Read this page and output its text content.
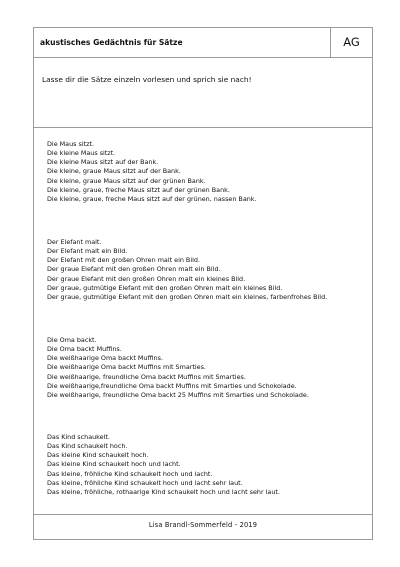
akustisches Gedächtnis für Sätze	AG
Lasse dir die Sätze einzeln vorlesen und sprich sie nach!
Die Maus sitzt.
Die kleine Maus sitzt.
Die kleine Maus sitzt auf der Bank.
Die kleine, graue Maus sitzt auf der Bank.
Die kleine, graue Maus sitzt auf der grünen Bank.
Die kleine, graue, freche Maus sitzt auf der grünen Bank.
Die kleine, graue, freche Maus sitzt auf der grünen, nassen Bank.
Der Elefant malt.
Der Elefant malt ein Bild.
Der Elefant mit den großen Ohren malt ein Bild.
Der graue Elefant mit den großen Ohren malt ein Bild.
Der graue Elefant mit den großen Ohren malt ein kleines Bild.
Der graue, gutmütige Elefant mit den großen Ohren malt ein kleines Bild.
Der graue, gutmütige Elefant mit den großen Ohren malt ein kleines, farbenfrohes Bild.
Die Oma backt.
Die Oma backt Muffins.
Die weißhaarige Oma backt Muffins.
Die weißhaarige Oma backt Muffins mit Smarties.
Die weißhaarige, freundliche Oma backt Muffins mit Smarties.
Die weißhaarige,freundliche Oma backt Muffins mit Smarties und Schokolade.
Die weißhaarige, freundliche Oma backt 25 Muffins mit Smarties und Schokolade.
Das Kind schaukelt.
Das Kind schaukelt hoch.
Das kleine Kind schaukelt hoch.
Das kleine Kind schaukelt hoch und lacht.
Das kleine, fröhliche Kind schaukelt hoch und lacht.
Das kleine, fröhliche Kind schaukelt hoch und lacht sehr laut.
Das kleine, fröhliche, rothaarige Kind schaukelt hoch und lacht sehr laut.
Lisa Brandl-Sommerfeld - 2019
